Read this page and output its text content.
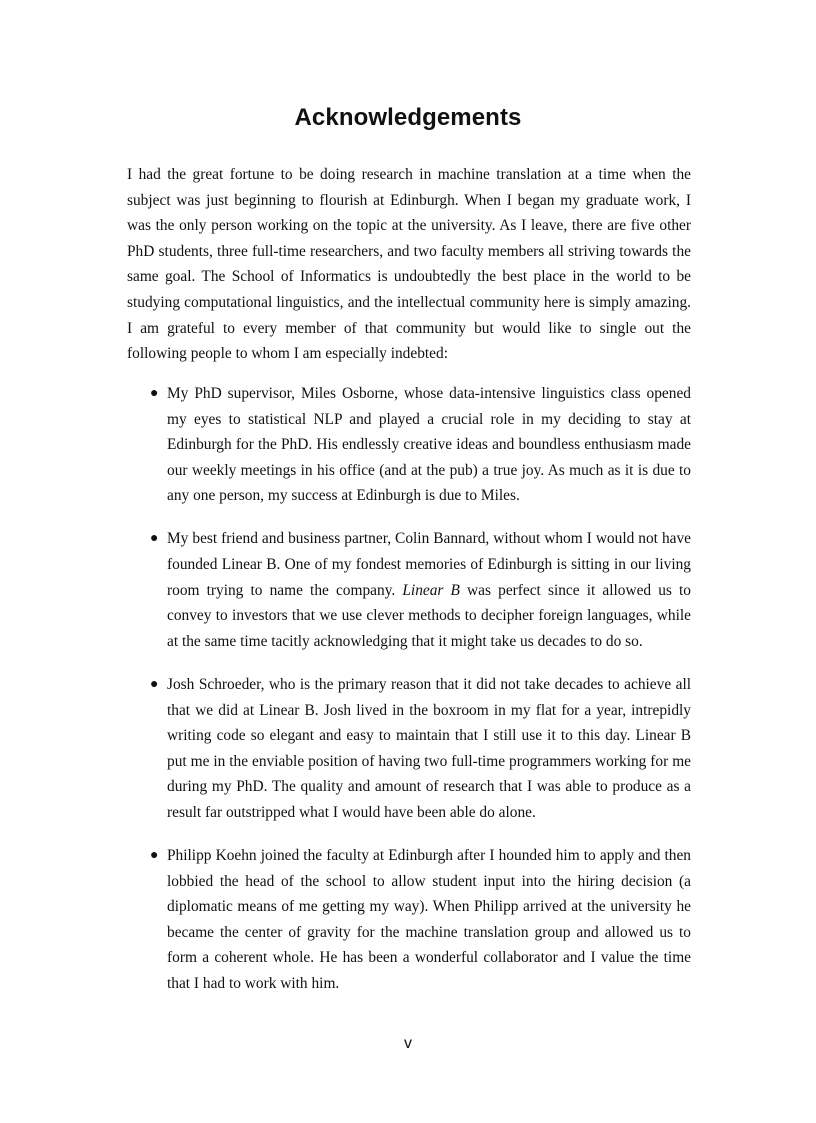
Acknowledgements

I had the great fortune to be doing research in machine translation at a time when the subject was just beginning to flourish at Edinburgh. When I began my graduate work, I was the only person working on the topic at the university. As I leave, there are five other PhD students, three full-time researchers, and two faculty members all striving towards the same goal. The School of Informatics is undoubtedly the best place in the world to be studying computational linguistics, and the intellectual community here is simply amazing. I am grateful to every member of that community but would like to single out the following people to whom I am especially indebted:

● My PhD supervisor, Miles Osborne, whose data-intensive linguistics class opened my eyes to statistical NLP and played a crucial role in my deciding to stay at Edinburgh for the PhD. His endlessly creative ideas and boundless enthusiasm made our weekly meetings in his office (and at the pub) a true joy. As much as it is due to any one person, my success at Edinburgh is due to Miles.
● My best friend and business partner, Colin Bannard, without whom I would not have founded Linear B. One of my fondest memories of Edinburgh is sitting in our living room trying to name the company. Linear B was perfect since it allowed us to convey to investors that we use clever methods to decipher foreign languages, while at the same time tacitly acknowledging that it might take us decades to do so.
● Josh Schroeder, who is the primary reason that it did not take decades to achieve all that we did at Linear B. Josh lived in the boxroom in my flat for a year, intrepidly writing code so elegant and easy to maintain that I still use it to this day. Linear B put me in the enviable position of having two full-time programmers working for me during my PhD. The quality and amount of research that I was able to produce as a result far outstripped what I would have been able do alone.
● Philipp Koehn joined the faculty at Edinburgh after I hounded him to apply and then lobbied the head of the school to allow student input into the hiring decision (a diplomatic means of me getting my way). When Philipp arrived at the university he became the center of gravity for the machine translation group and allowed us to form a coherent whole. He has been a wonderful collaborator and I value the time that I had to work with him.
v
